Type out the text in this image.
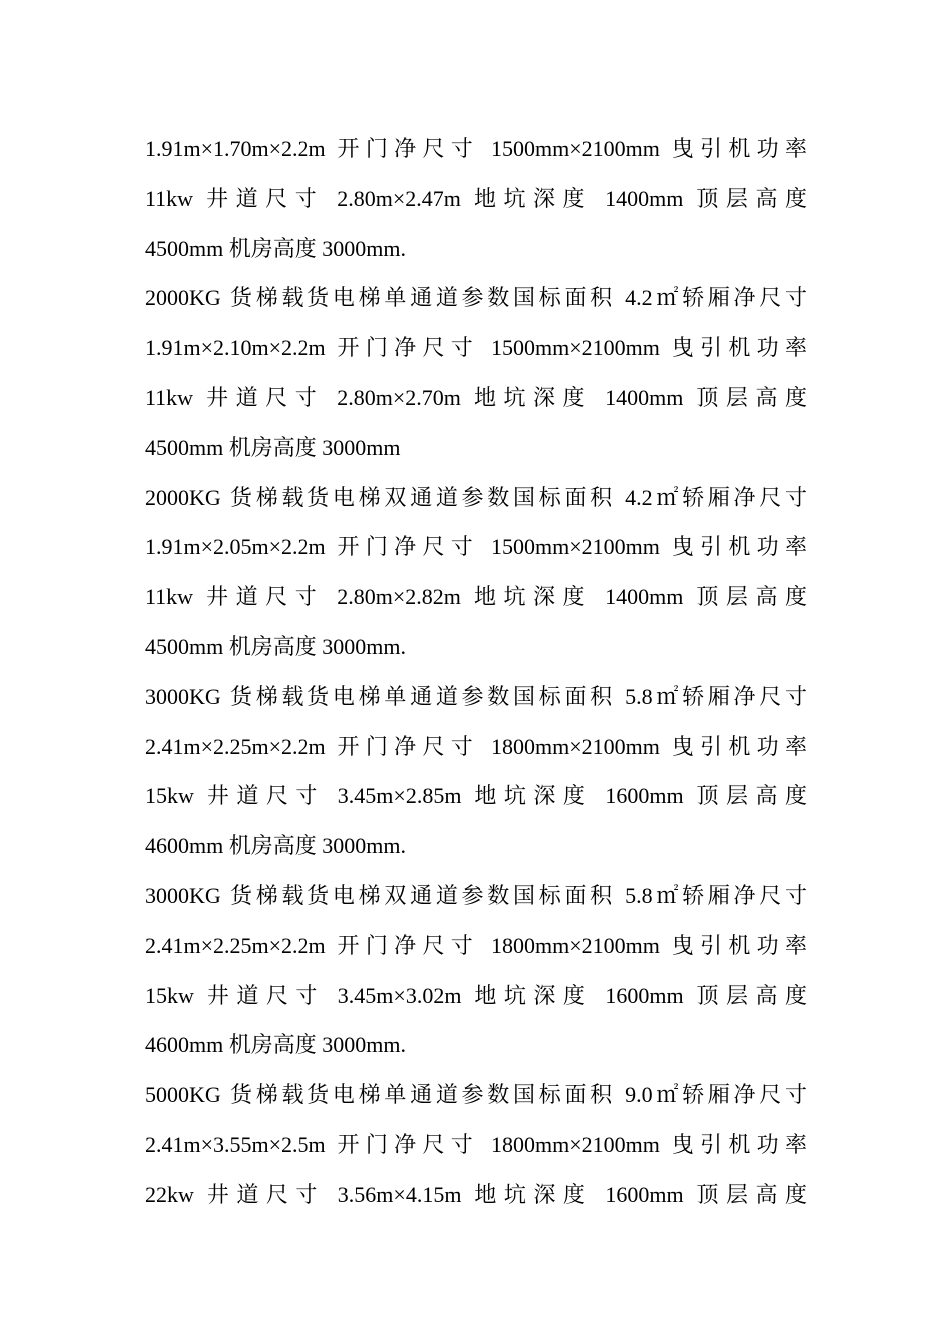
1.91m×1.70m×2.2m 开门净尺寸 1500mm×2100mm 曳引机功率
11kw 井道尺寸 2.80m×2.47m 地坑深度 1400mm 顶层高度
4500mm 机房高度 3000mm.
2000KG 货梯载货电梯单通道参数国标面积 4.2㎡轿厢净尺寸
1.91m×2.10m×2.2m 开门净尺寸 1500mm×2100mm 曳引机功率
11kw 井道尺寸 2.80m×2.70m 地坑深度 1400mm 顶层高度
4500mm 机房高度 3000mm
2000KG 货梯载货电梯双通道参数国标面积 4.2㎡轿厢净尺寸
1.91m×2.05m×2.2m 开门净尺寸 1500mm×2100mm 曳引机功率
11kw 井道尺寸 2.80m×2.82m 地坑深度 1400mm 顶层高度
4500mm 机房高度 3000mm.
3000KG 货梯载货电梯单通道参数国标面积 5.8㎡轿厢净尺寸
2.41m×2.25m×2.2m 开门净尺寸 1800mm×2100mm 曳引机功率
15kw 井道尺寸 3.45m×2.85m 地坑深度 1600mm 顶层高度
4600mm 机房高度 3000mm.
3000KG 货梯载货电梯双通道参数国标面积 5.8㎡轿厢净尺寸
2.41m×2.25m×2.2m 开门净尺寸 1800mm×2100mm 曳引机功率
15kw 井道尺寸 3.45m×3.02m 地坑深度 1600mm 顶层高度
4600mm 机房高度 3000mm.
5000KG 货梯载货电梯单通道参数国标面积 9.0㎡轿厢净尺寸
2.41m×3.55m×2.5m 开门净尺寸 1800mm×2100mm 曳引机功率
22kw 井道尺寸 3.56m×4.15m 地坑深度 1600mm 顶层高度
